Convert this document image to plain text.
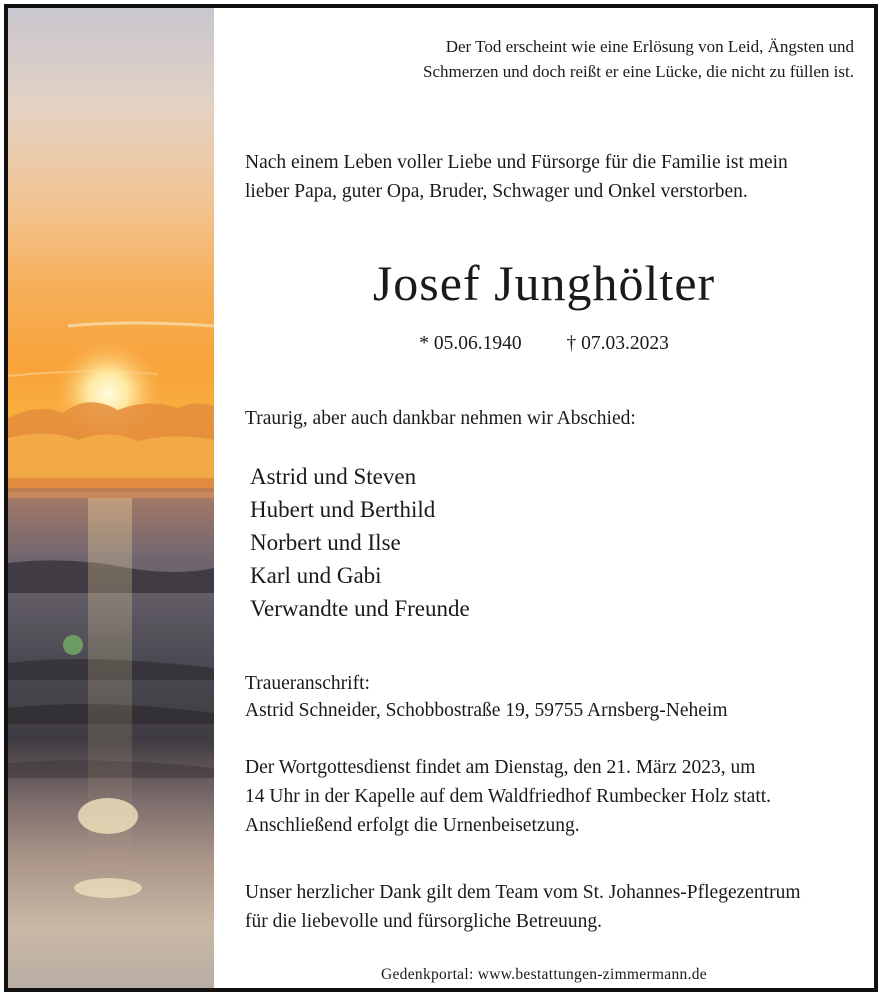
Der Tod erscheint wie eine Erlösung von Leid, Ängsten und
Schmerzen und doch reißt er eine Lücke, die nicht zu füllen ist.
Nach einem Leben voller Liebe und Fürsorge für die Familie ist mein
lieber Papa, guter Opa, Bruder, Schwager und Onkel verstorben.
Josef Junghölter
* 05.06.1940 † 07.03.2023
Traurig, aber auch dankbar nehmen wir Abschied:
Astrid und Steven
Hubert und Berthild
Norbert und Ilse
Karl und Gabi
Verwandte und Freunde
Traueranschrift:
Astrid Schneider, Schobbostraße 19, 59755 Arnsberg-Neheim
Der Wortgottesdienst findet am Dienstag, den 21. März 2023, um
14 Uhr in der Kapelle auf dem Waldfriedhof Rumbecker Holz statt.
Anschließend erfolgt die Urnenbeisetzung.
Unser herzlicher Dank gilt dem Team vom St. Johannes-Pflegezentrum
für die liebevolle und fürsorgliche Betreuung.
Gedenkportal: www.bestattungen-zimmermann.de
